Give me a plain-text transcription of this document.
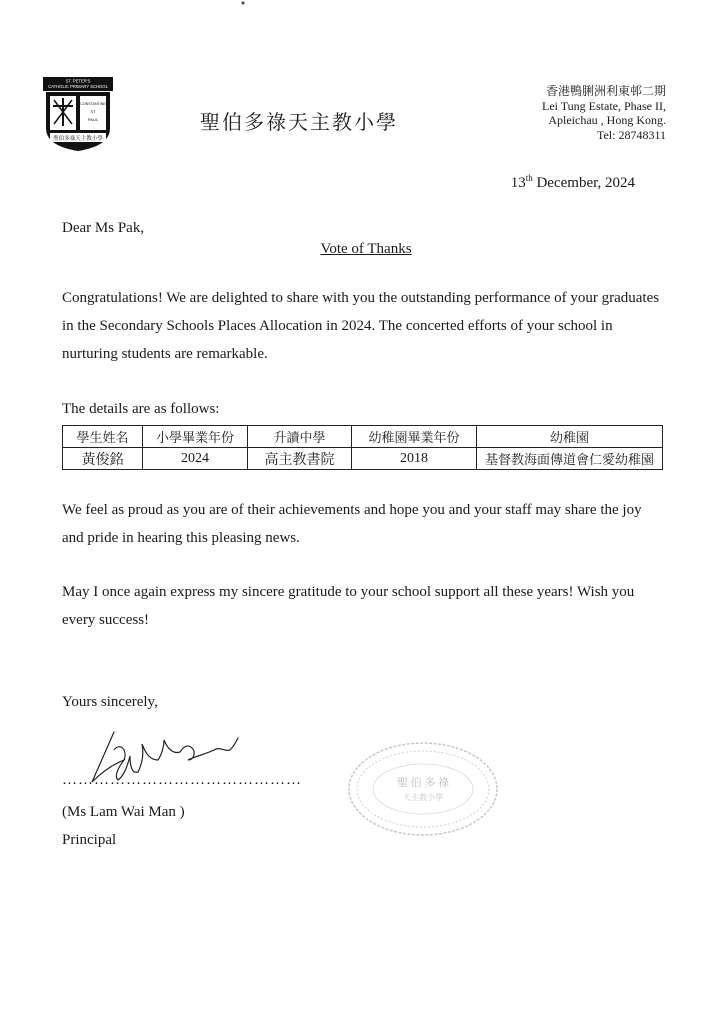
ST. PETER'S
CATHOLIC PRIMARY SCHOOL
CONSTANTINE
ST
PAUL
聖伯多祿天主教小學
聖伯多祿天主教小學
香港鴨脷洲利東邨二期
Lei Tung Estate, Phase II,
Apleichau , Hong Kong.
Tel: 28748311
13th December, 2024
Dear Ms Pak,
Vote of Thanks
Congratulations! We are delighted to share with you the outstanding performance of your graduates in the Secondary Schools Places Allocation in 2024. The concerted efforts of your school in nurturing students are remarkable.
The details are as follows:
學生姓名	小學畢業年份	升讀中學	幼稚園畢業年份	幼稚園
黃俊銘	2024	高主教書院	2018	基督教海面傳道會仁愛幼稚園
We feel as proud as you are of their achievements and hope you and your staff may share the joy and pride in hearing this pleasing news.
May I once again express my sincere gratitude to your school support all these years! Wish you every success!
Yours sincerely,
………………………………………
(Ms Lam Wai Man )
Principal
聖 伯 多 祿
天主教小學
